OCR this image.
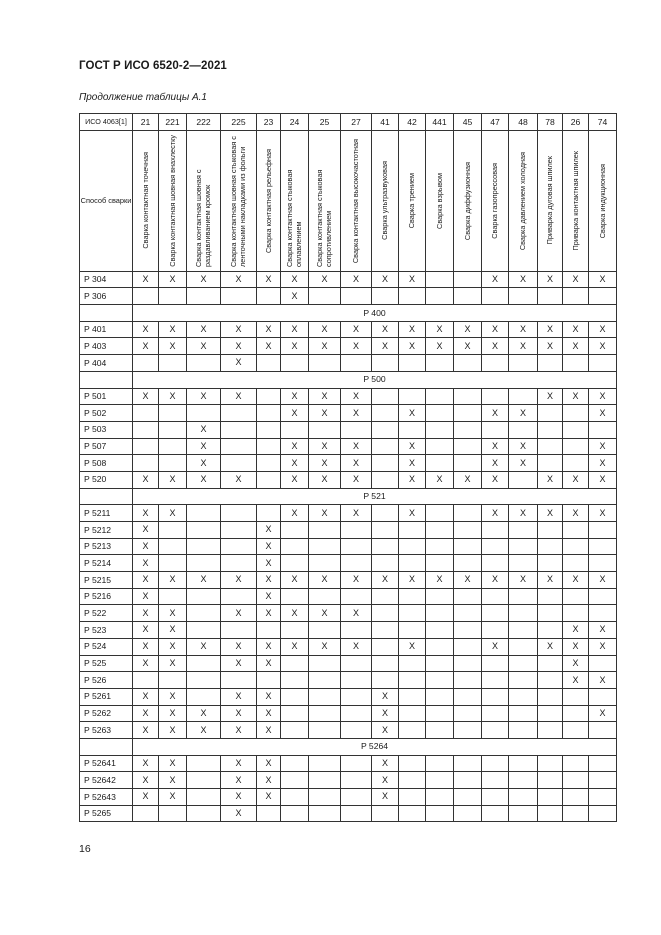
ГОСТ Р ИСО 6520-2—2021
Продолжение таблицы А.1
ИСО 4063[1]	21	221	222	225	23	24	25	27	41	42	441	45	47	48	78	26	74
Способ сварки	Сварка контактная точечная	Сварка контактная шовная внахлестку	Сварка контактная шовная с раздавливанием кромок	Сварка контактная шовная стыковая с ленточными накладками из фольги	Сварка контактная рельефная	Сварка контактная стыковая оплавлением	Сварка контактная стыковая сопротивлением	Сварка контактная высокочастотная	Сварка ультразвуковая	Сварка трением	Сварка взрывом	Сварка диффузионная	Сварка газопрессовая	Сварка давлением холодная	Приварка дуговая шпилек	Приварка контактная шпилек	Сварка индукционная

P 304	X	X	X	X	X	X	X	X	X	X			X	X	X	X	X
P 306						X											
	P 400																
P 401	X	X	X	X	X	X	X	X	X	X	X	X	X	X	X	X	X
P 403	X	X	X	X	X	X	X	X	X	X	X	X	X	X	X	X	X
P 404				X													
	P 500																
P 501	X	X	X	X		X	X	X							X	X	X
P 502						X	X	X		X			X	X			X
P 503			X														
P 507			X			X	X	X		X			X	X			X
P 508			X			X	X	X		X			X	X			X
P 520	X	X	X	X		X	X	X		X	X	X	X		X	X	X
	P 521																
P 5211	X	X				X	X	X		X			X	X	X	X	X
P 5212	X				X												
P 5213	X				X												
P 5214	X				X												
P 5215	X	X	X	X	X	X	X	X	X	X	X	X	X	X	X	X	X
P 5216	X				X												
P 522	X	X		X	X	X	X	X									
P 523	X	X														X	X
P 524	X	X	X	X	X	X	X	X		X			X		X	X	X
P 525	X	X		X	X											X	
P 526																X	X
P 5261	X	X		X	X				X								
P 5262	X	X	X	X	X				X								X
P 5263	X	X	X	X	X				X								
	P 5264																
P 52641	X	X		X	X				X								
P 52642	X	X		X	X				X								
P 52643	X	X		X	X				X								
P 5265				X													
16
